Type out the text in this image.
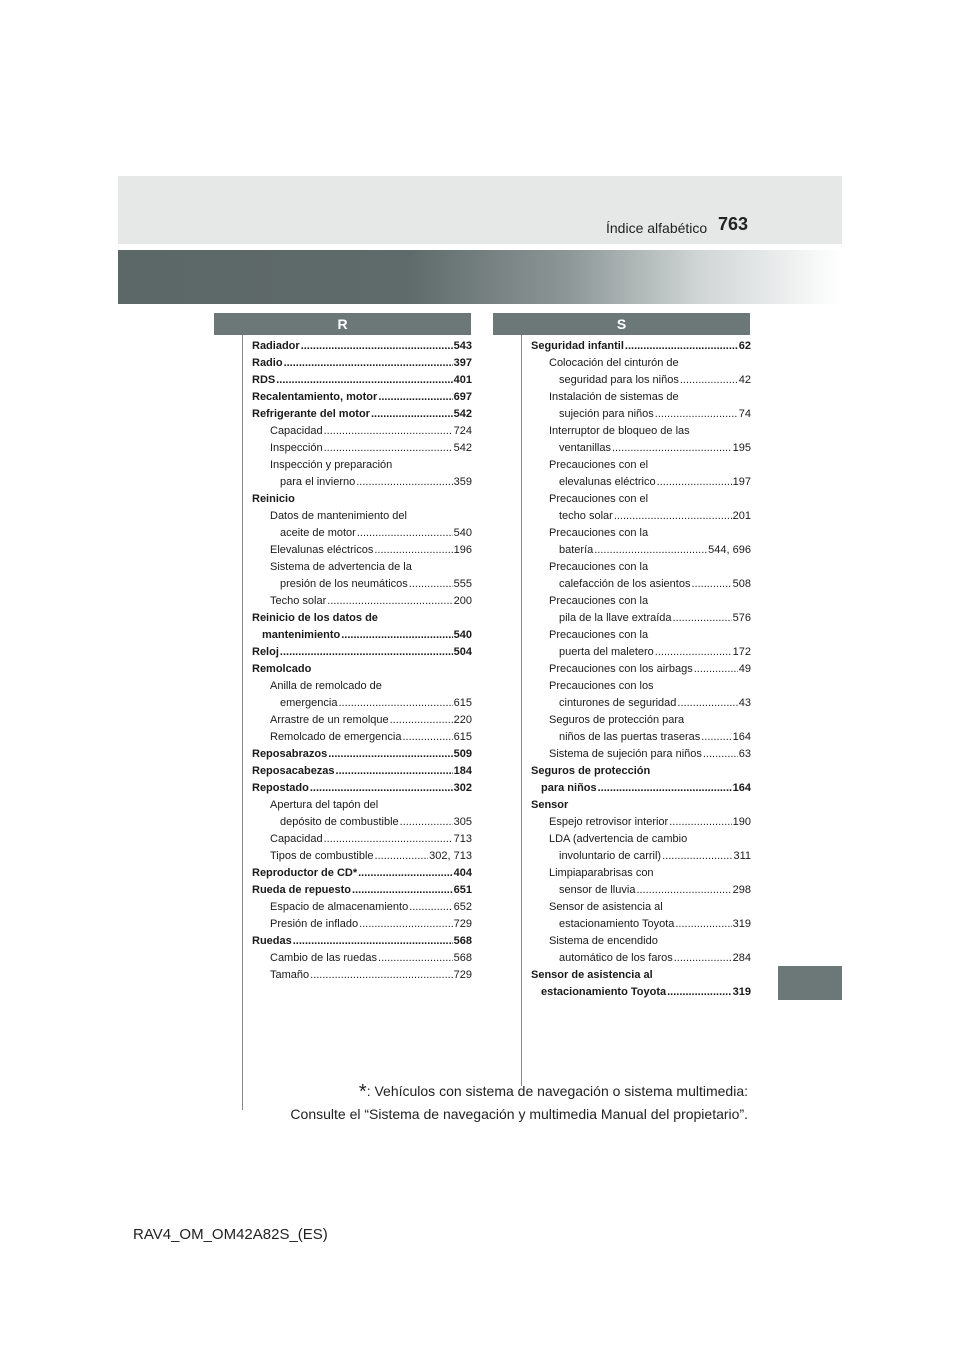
Índice alfabético 763
R	S
Radiador .....	543
Radio .....	397
RDS .....	401
Recalentamiento, motor .....	697
Refrigerante del motor .....	542
Capacidad .....	724
Inspección .....	542
Inspección y preparación
para el invierno .....	359
Reinicio
Datos de mantenimiento del
aceite de motor .....	540
Elevalunas eléctricos .....	196
Sistema de advertencia de la
presión de los neumáticos .....	555
Techo solar .....	200
Reinicio de los datos de
mantenimiento .....	540
Reloj .....	504
Remolcado
Anilla de remolcado de
emergencia .....	615
Arrastre de un remolque .....	220
Remolcado de emergencia .....	615
Reposabrazos .....	509
Reposacabezas .....	184
Repostado .....	302
Apertura del tapón del
depósito de combustible .....	305
Capacidad .....	713
Tipos de combustible .....	302, 713
Reproductor de CD* .....	404
Rueda de repuesto .....	651
Espacio de almacenamiento .....	652
Presión de inflado .....	729
Ruedas .....	568
Cambio de las ruedas .....	568
Tamaño .....	729
Seguridad infantil .....	62
Colocación del cinturón de
seguridad para los niños .....	42
Instalación de sistemas de
sujeción para niños .....	74
Interruptor de bloqueo de las
ventanillas .....	195
Precauciones con el
elevalunas eléctrico .....	197
Precauciones con el
techo solar .....	201
Precauciones con la
batería .....	544, 696
Precauciones con la
calefacción de los asientos .....	508
Precauciones con la
pila de la llave extraída .....	576
Precauciones con la
puerta del maletero .....	172
Precauciones con los airbags .....	49
Precauciones con los
cinturones de seguridad .....	43
Seguros de protección para
niños de las puertas traseras .....	164
Sistema de sujeción para niños .....	63
Seguros de protección
para niños .....	164
Sensor
Espejo retrovisor interior .....	190
LDA (advertencia de cambio
involuntario de carril) .....	311
Limpiaparabrisas con
sensor de lluvia .....	298
Sensor de asistencia al
estacionamiento Toyota .....	319
Sistema de encendido
automático de los faros .....	284
Sensor de asistencia al
estacionamiento Toyota .....	319
*: Vehículos con sistema de navegación o sistema multimedia:
Consulte el “Sistema de navegación y multimedia Manual del propietario”.
RAV4_OM_OM42A82S_(ES)
